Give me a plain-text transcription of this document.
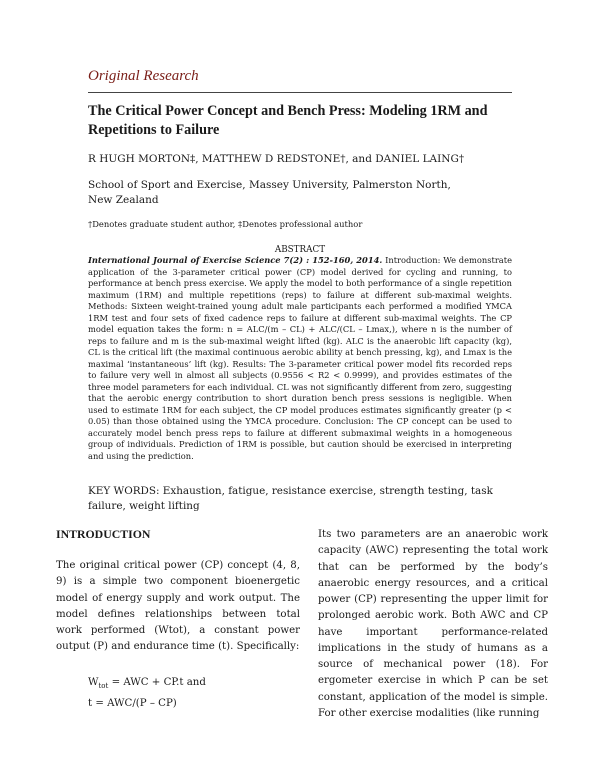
Original Research
The Critical Power Concept and Bench Press: Modeling 1RM and Repetitions to Failure
R HUGH MORTON‡, MATTHEW D REDSTONE†, and DANIEL LAING†
School of Sport and Exercise, Massey University, Palmerston North, New Zealand
†Denotes graduate student author, ‡Denotes professional author
ABSTRACT

International Journal of Exercise Science 7(2) : 152-160, 2014. Introduction: We demonstrate application of the 3-parameter critical power (CP) model derived for cycling and running, to performance at bench press exercise. We apply the model to both performance of a single repetition maximum (1RM) and multiple repetitions (reps) to failure at different sub-maximal weights. Methods: Sixteen weight-trained young adult male participants each performed a modified YMCA 1RM test and four sets of fixed cadence reps to failure at different sub-maximal weights. The CP model equation takes the form: n = ALC/(m – CL) + ALC/(CL – Lmax,), where n is the number of reps to failure and m is the sub-maximal weight lifted (kg). ALC is the anaerobic lift capacity (kg), CL is the critical lift (the maximal continuous aerobic ability at bench pressing, kg), and Lmax is the maximal ‘instantaneous’ lift (kg). Results: The 3-parameter critical power model fits recorded reps to failure very well in almost all subjects (0.9556 < R2 < 0.9999), and provides estimates of the three model parameters for each individual. CL was not significantly different from zero, suggesting that the aerobic energy contribution to short duration bench press sessions is negligible. When used to estimate 1RM for each subject, the CP model produces estimates significantly greater (p < 0.05) than those obtained using the YMCA procedure. Conclusion: The CP concept can be used to accurately model bench press reps to failure at different submaximal weights in a homogeneous group of individuals. Prediction of 1RM is possible, but caution should be exercised in interpreting and using the prediction.

KEY WORDS: Exhaustion, fatigue, resistance exercise, strength testing, task failure, weight lifting
INTRODUCTION

The original critical power (CP) concept (4, 8, 9) is a simple two component bioenergetic model of energy supply and work output. The model defines relationships between total work performed (Wtot), a constant power output (P) and endurance time (t). Specifically:

$W_{tot}$ = AWC + CP.t and
t = AWC/(P – CP)

Its two parameters are an anaerobic work capacity (AWC) representing the total work that can be performed by the body’s anaerobic energy resources, and a critical power (CP) representing the upper limit for prolonged aerobic work. Both AWC and CP have important performance-related implications in the study of humans as a source of mechanical power (18). For ergometer exercise in which P can be set constant, application of the model is simple. For other exercise modalities (like running
